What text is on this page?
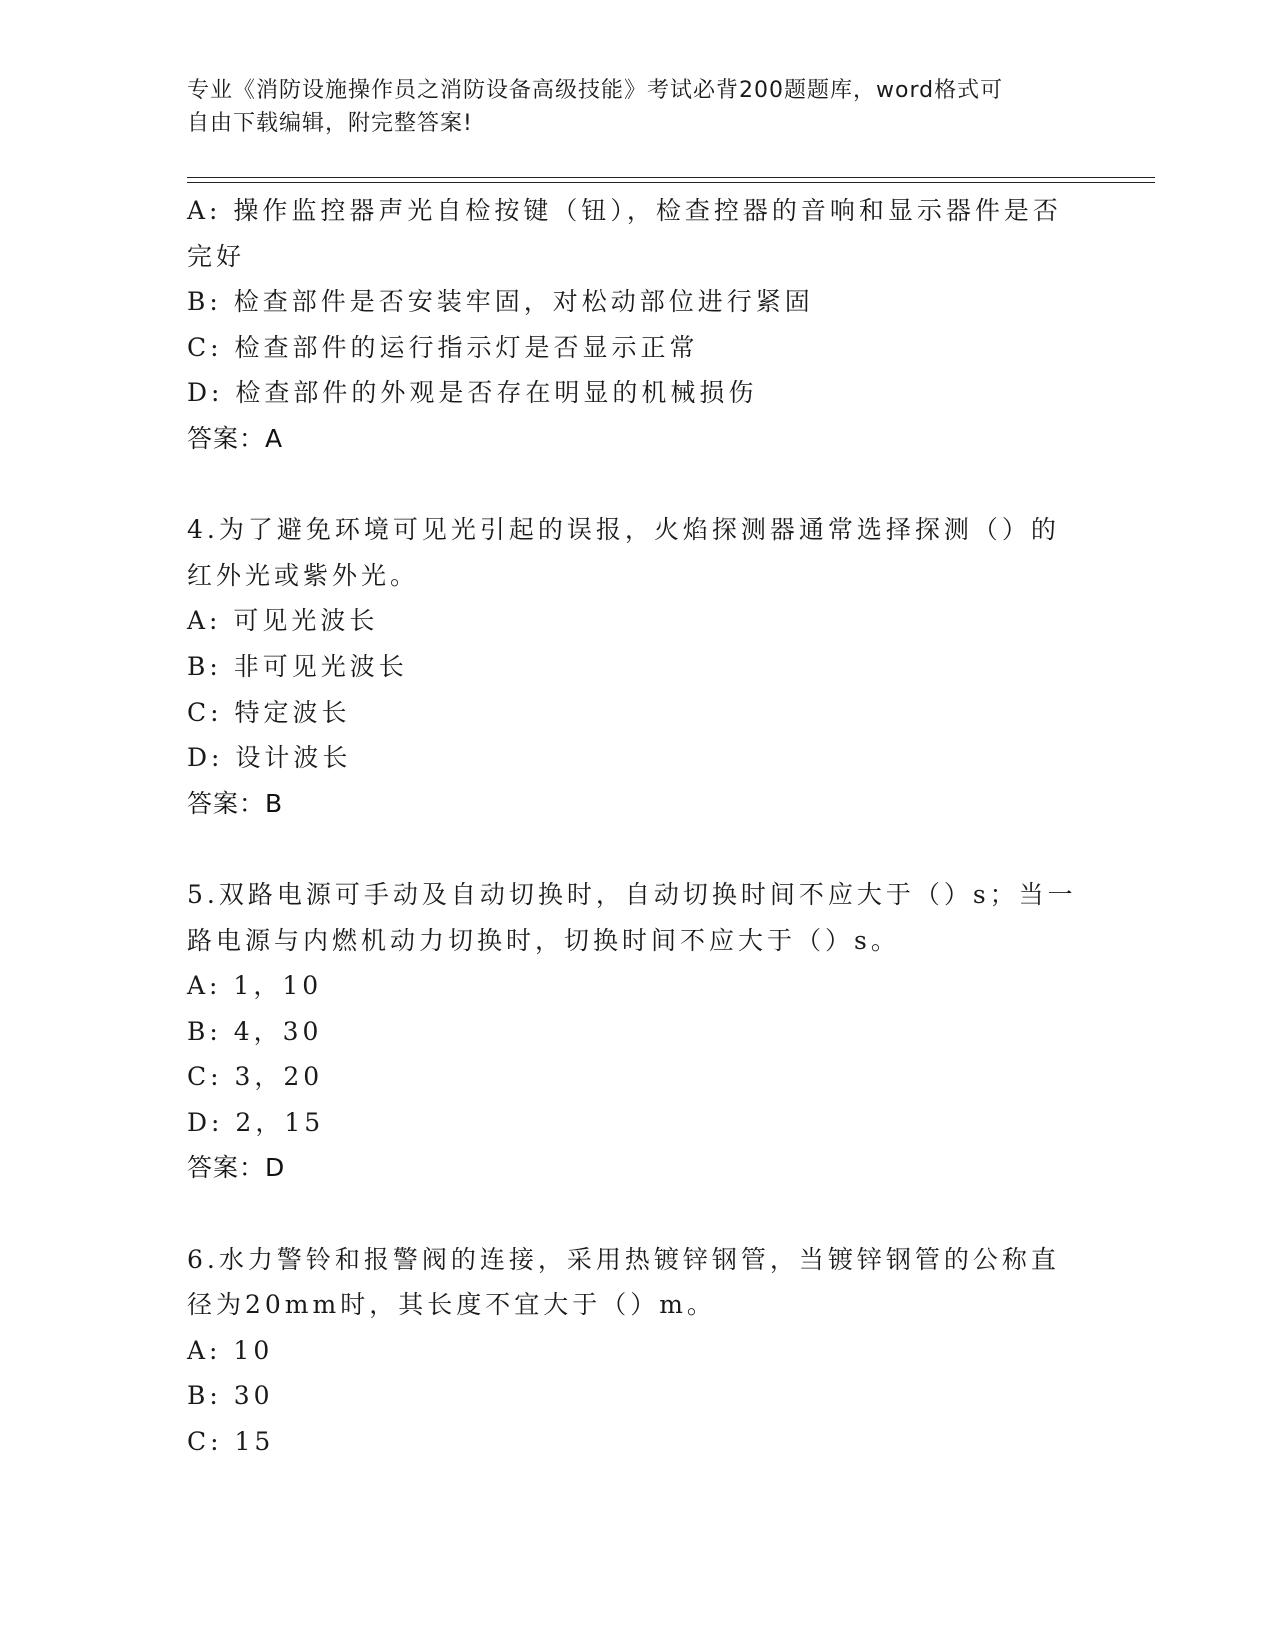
专业《消防设施操作员之消防设备高级技能》考试必背200题题库，word格式可
自由下载编辑，附完整答案!
A: 操作监控器声光自检按键（钮），检查控器的音响和显示器件是否
完好
B: 检查部件是否安装牢固，对松动部位进行紧固
C: 检查部件的运行指示灯是否显示正常
D: 检查部件的外观是否存在明显的机械损伤
答案：A
4.为了避免环境可见光引起的误报，火焰探测器通常选择探测（）的
红外光或紫外光。
A: 可见光波长
B: 非可见光波长
C: 特定波长
D: 设计波长
答案：B
5.双路电源可手动及自动切换时，自动切换时间不应大于（）s；当一
路电源与内燃机动力切换时，切换时间不应大于（）s。
A: 1，10
B: 4，30
C: 3，20
D: 2，15
答案：D
6.水力警铃和报警阀的连接，采用热镀锌钢管，当镀锌钢管的公称直
径为20mm时，其长度不宜大于（）m。
A: 10
B: 30
C: 15
